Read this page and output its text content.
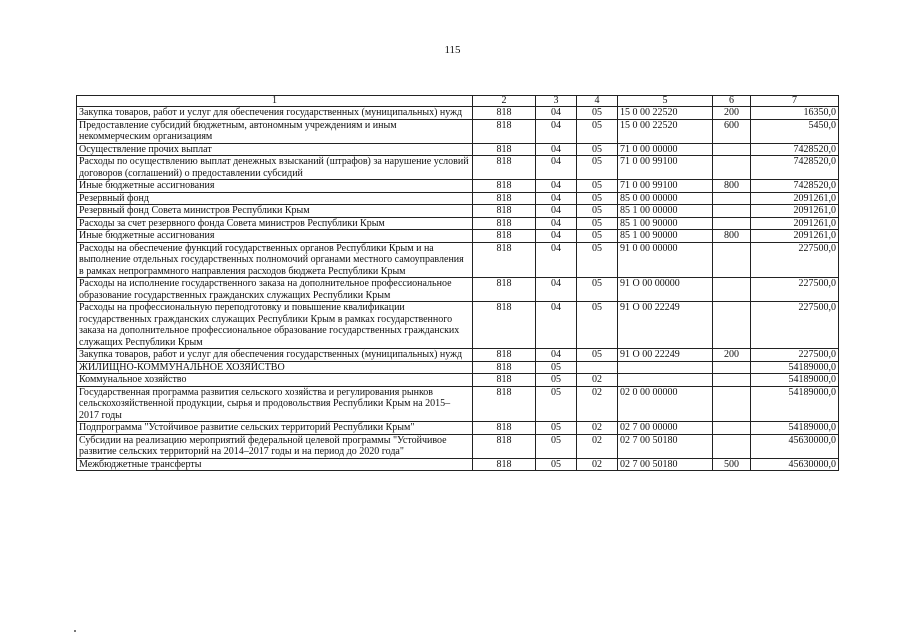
115
1	2	3	4	5	6	7
Закупка товаров, работ и услуг для обеспечения государственных (муниципальных) нужд	818	04	05	15 0 00 22520	200	16350,0
Предоставление субсидий бюджетным, автономным учреждениям и иным некоммерческим организациям	818	04	05	15 0 00 22520	600	5450,0
Осуществление прочих выплат	818	04	05	71 0 00 00000		7428520,0
Расходы по осуществлению выплат денежных взысканий (штрафов) за нарушение условий договоров (соглашений) о предоставлении субсидий	818	04	05	71 0 00 99100		7428520,0
Иные бюджетные ассигнования	818	04	05	71 0 00 99100	800	7428520,0
Резервный фонд	818	04	05	85 0 00 00000		2091261,0
Резервный фонд Совета министров Республики Крым	818	04	05	85 1 00 00000		2091261,0
Расходы за счет резервного фонда Совета министров Республики Крым	818	04	05	85 1 00 90000		2091261,0
Иные бюджетные ассигнования	818	04	05	85 1 00 90000	800	2091261,0
Расходы на обеспечение функций государственных органов Республики Крым и на выполнение отдельных государственных полномочий органами местного самоуправления в рамках непрограммного направления расходов бюджета Республики Крым	818	04	05	91 0 00 00000		227500,0
Расходы на исполнение государственного заказа на дополнительное профессиональное образование государственных гражданских служащих Республики Крым	818	04	05	91 О 00 00000		227500,0
Расходы на профессиональную переподготовку и повышение квалификации государственных гражданских служащих Республики Крым в рамках государственного заказа на дополнительное профессиональное образование государственных гражданских служащих Республики Крым	818	04	05	91 О 00 22249		227500,0
Закупка товаров, работ и услуг для обеспечения государственных (муниципальных) нужд	818	04	05	91 О 00 22249	200	227500,0
ЖИЛИЩНО-КОММУНАЛЬНОЕ ХОЗЯЙСТВО	818	05				54189000,0
Коммунальное хозяйство	818	05	02			54189000,0
Государственная программа развития сельского хозяйства и регулирования рынков сельскохозяйственной продукции, сырья и продовольствия Республики Крым на 2015–2017 годы	818	05	02	02 0 00 00000		54189000,0
Подпрограмма "Устойчивое развитие сельских территорий Республики Крым"	818	05	02	02 7 00 00000		54189000,0
Субсидии на реализацию мероприятий федеральной целевой программы "Устойчивое развитие сельских территорий на 2014–2017 годы и на период до 2020 года"	818	05	02	02 7 00 50180		45630000,0
Межбюджетные трансферты	818	05	02	02 7 00 50180	500	45630000,0
